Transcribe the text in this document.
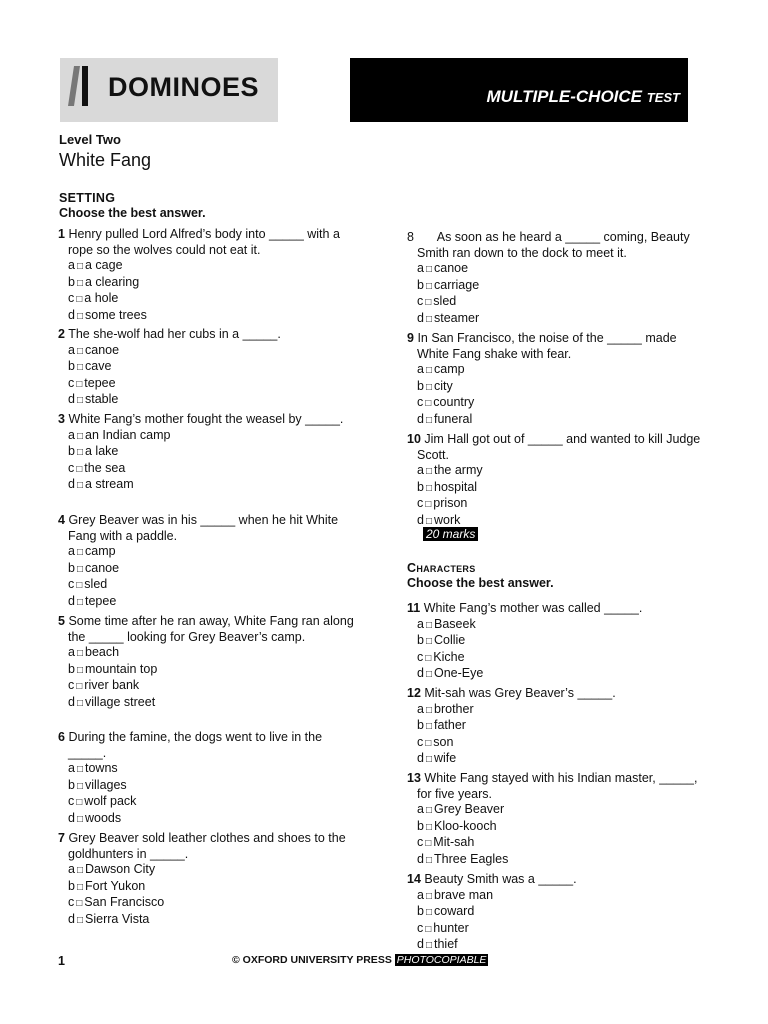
DOMINOES	MULTIPLE-CHOICE TEST
Level Two
White Fang
SETTING
Choose the best answer.
1 Henry pulled Lord Alfred’s body into _____ with a rope so the wolves could not eat it.
a □ a cage
b □ a clearing
c □ a hole
d □ some trees
2 The she-wolf had her cubs in a _____.
a □ canoe
b □ cave
c □ tepee
d □ stable
3 White Fang’s mother fought the weasel by _____.
a □ an Indian camp
b □ a lake
c □ the sea
d □ a stream
4 Grey Beaver was in his _____ when he hit White Fang with a paddle.
a □ camp
b □ canoe
c □ sled
d □ tepee
5 Some time after he ran away, White Fang ran along the _____ looking for Grey Beaver’s camp.
a □ beach
b □ mountain top
c □ river bank
d □ village street
6 During the famine, the dogs went to live in the _____.
a □ towns
b □ villages
c □ wolf pack
d □ woods
7 Grey Beaver sold leather clothes and shoes to the goldhunters in _____.
a □ Dawson City
b □ Fort Yukon
c □ San Francisco
d □ Sierra Vista
8 As soon as he heard a _____ coming, Beauty Smith ran down to the dock to meet it.
a □ canoe
b □ carriage
c □ sled
d □ steamer
9 In San Francisco, the noise of the _____ made White Fang shake with fear.
a □ camp
b □ city
c □ country
d □ funeral
10 Jim Hall got out of _____ and wanted to kill Judge Scott.
a □ the army
b □ hospital
c □ prison
d □ work
20 marks
Characters
Choose the best answer.
11 White Fang’s mother was called _____.
a □ Baseek
b □ Collie
c □ Kiche
d □ One-Eye
12 Mit-sah was Grey Beaver’s _____.
a □ brother
b □ father
c □ son
d □ wife
13 White Fang stayed with his Indian master, _____, for five years.
a □ Grey Beaver
b □ Kloo-kooch
c □ Mit-sah
d □ Three Eagles
14 Beauty Smith was a _____.
a □ brave man
b □ coward
c □ hunter
d □ thief
1	© OXFORD UNIVERSITY PRESS PHOTOCOPIABLE
